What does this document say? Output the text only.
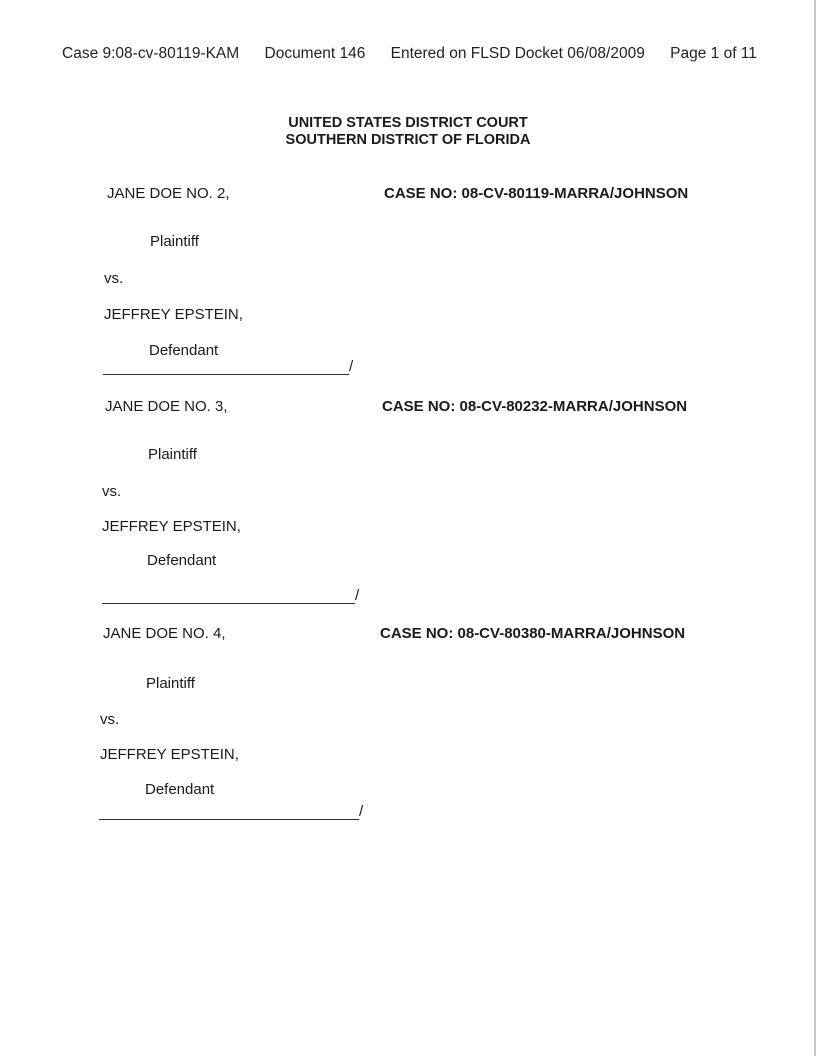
Case 9:08-cv-80119-KAM Document 146 Entered on FLSD Docket 06/08/2009 Page 1 of 11
UNITED STATES DISTRICT COURT
SOUTHERN DISTRICT OF FLORIDA
JANE DOE NO. 2,	CASE NO: 08-CV-80119-MARRA/JOHNSON
Plaintiff
vs.
JEFFREY EPSTEIN,
Defendant
/
JANE DOE NO. 3,	CASE NO: 08-CV-80232-MARRA/JOHNSON
Plaintiff
vs.
JEFFREY EPSTEIN,
Defendant
/
JANE DOE NO. 4,	CASE NO: 08-CV-80380-MARRA/JOHNSON
Plaintiff
vs.
JEFFREY EPSTEIN,
Defendant
/
